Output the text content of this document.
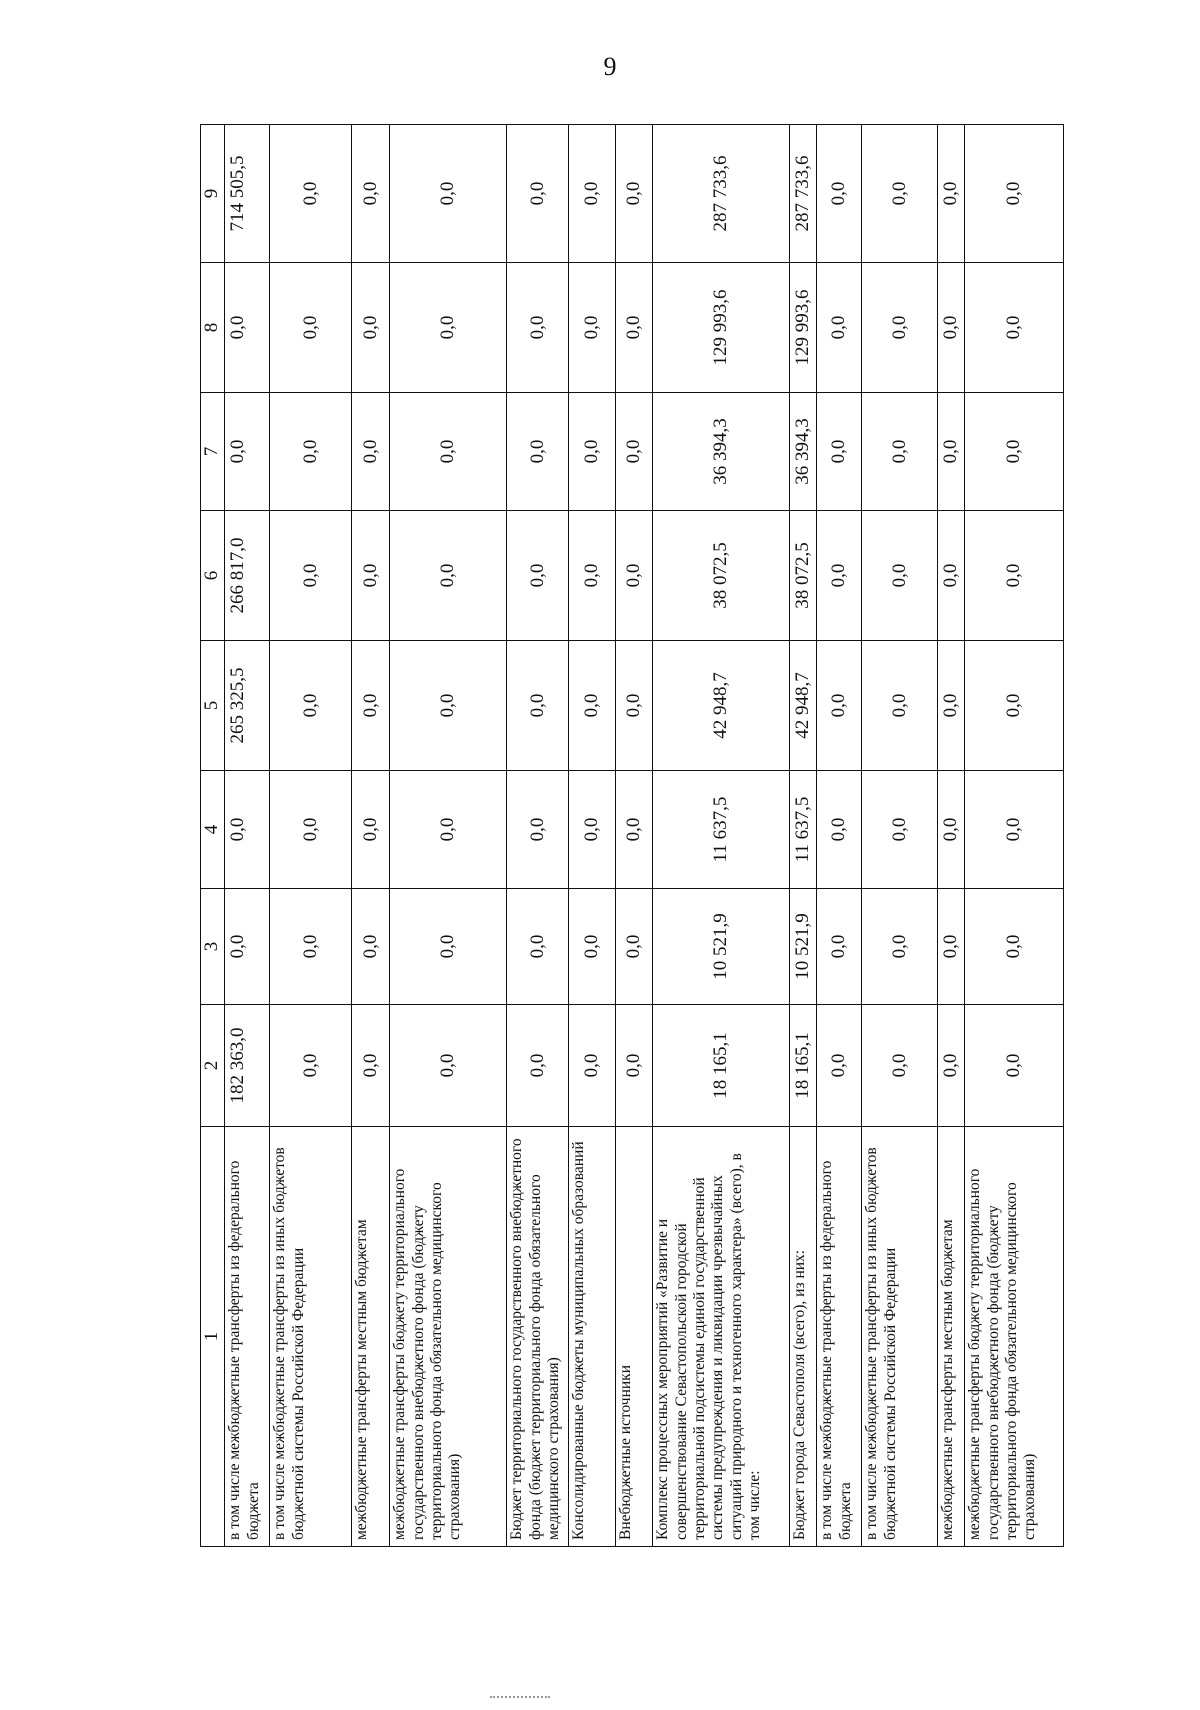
9
1	2	3	4	5	6	7	8	9
в том числе межбюджетные трансферты из федерального бюджета	182 363,0	0,0	0,0	265 325,5	266 817,0	0,0	0,0	714 505,5
в том числе межбюджетные трансферты из иных бюджетов бюджетной системы Российской Федерации	0,0	0,0	0,0	0,0	0,0	0,0	0,0	0,0
межбюджетные трансферты местным бюджетам	0,0	0,0	0,0	0,0	0,0	0,0	0,0	0,0
межбюджетные трансферты бюджету территориального государственного внебюджетного фонда (бюджету территориального фонда обязательного медицинского страхования)	0,0	0,0	0,0	0,0	0,0	0,0	0,0	0,0
Бюджет территориального государственного внебюджетного фонда (бюджет территориального фонда обязательного медицинского страхования)	0,0	0,0	0,0	0,0	0,0	0,0	0,0	0,0
Консолидированные бюджеты муниципальных образований	0,0	0,0	0,0	0,0	0,0	0,0	0,0	0,0
Внебюджетные источники	0,0	0,0	0,0	0,0	0,0	0,0	0,0	0,0
Комплекс процессных мероприятий «Развитие и совершенствование Севастопольской городской территориальной подсистемы единой государственной системы предупреждения и ликвидации чрезвычайных ситуаций природного и техногенного характера» (всего), в том числе:	18 165,1	10 521,9	11 637,5	42 948,7	38 072,5	36 394,3	129 993,6	287 733,6
Бюджет города Севастополя (всего), из них:	18 165,1	10 521,9	11 637,5	42 948,7	38 072,5	36 394,3	129 993,6	287 733,6
в том числе межбюджетные трансферты из федерального бюджета	0,0	0,0	0,0	0,0	0,0	0,0	0,0	0,0
в том числе межбюджетные трансферты из иных бюджетов бюджетной системы Российской Федерации	0,0	0,0	0,0	0,0	0,0	0,0	0,0	0,0
межбюджетные трансферты местным бюджетам	0,0	0,0	0,0	0,0	0,0	0,0	0,0	0,0
межбюджетные трансферты бюджету территориального государственного внебюджетного фонда (бюджету территориального фонда обязательного медицинского страхования)	0,0	0,0	0,0	0,0	0,0	0,0	0,0	0,0
